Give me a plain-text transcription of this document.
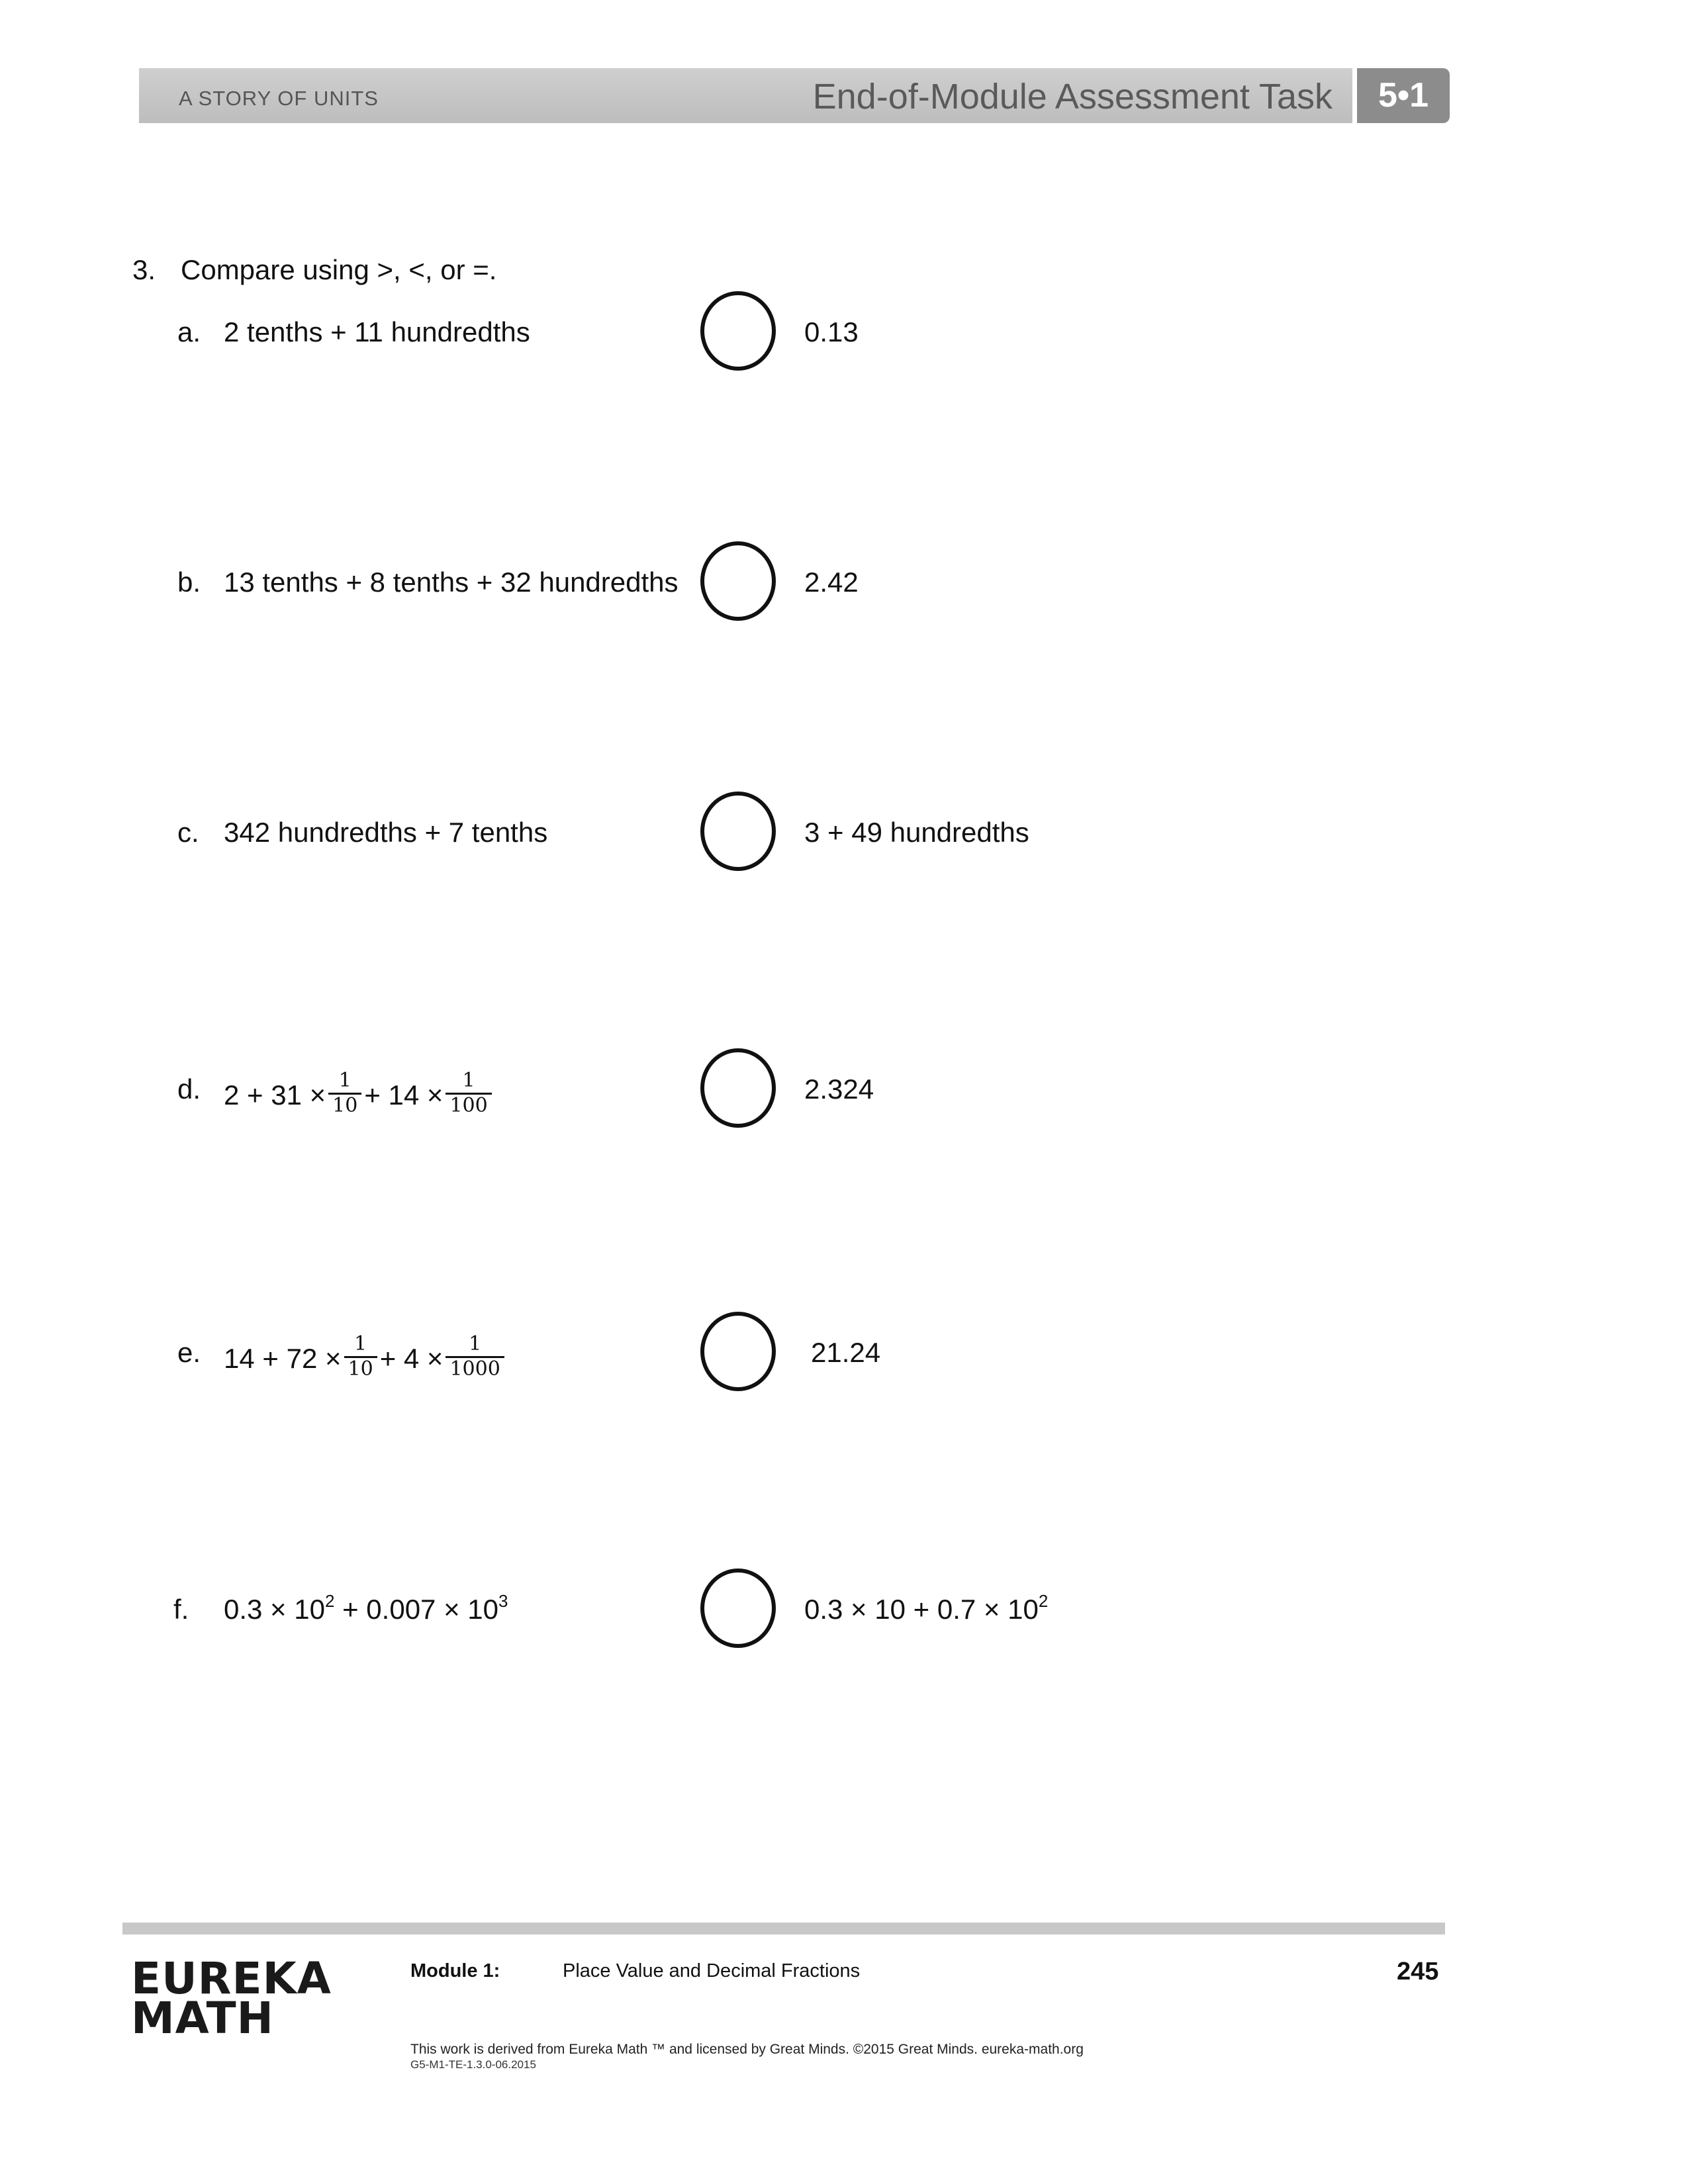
A STORY OF UNITS	End-of-Module Assessment Task	5•1
3. Compare using >, <, or =.
a. 2 tenths + 11 hundredths	0.13
b. 13 tenths + 8 tenths + 32 hundredths	2.42
c. 342 hundredths + 7 tenths	3 + 49 hundredths
d. $2 + 31 \times \frac{1}{10} + 14 \times \frac{1}{100}$	2.324
e. $14 + 72 \times \frac{1}{10} + 4 \times \frac{1}{1000}$	21.24
f. $0.3 \times 10^2 + 0.007 \times 10^3$	$0.3 \times 10 + 0.7 \times 10^2$
EUREKA
MATH
Module 1:	Place Value and Decimal Fractions	245
This work is derived from Eureka Math ™ and licensed by Great Minds. ©2015 Great Minds. eureka-math.org
G5-M1-TE-1.3.0-06.2015
